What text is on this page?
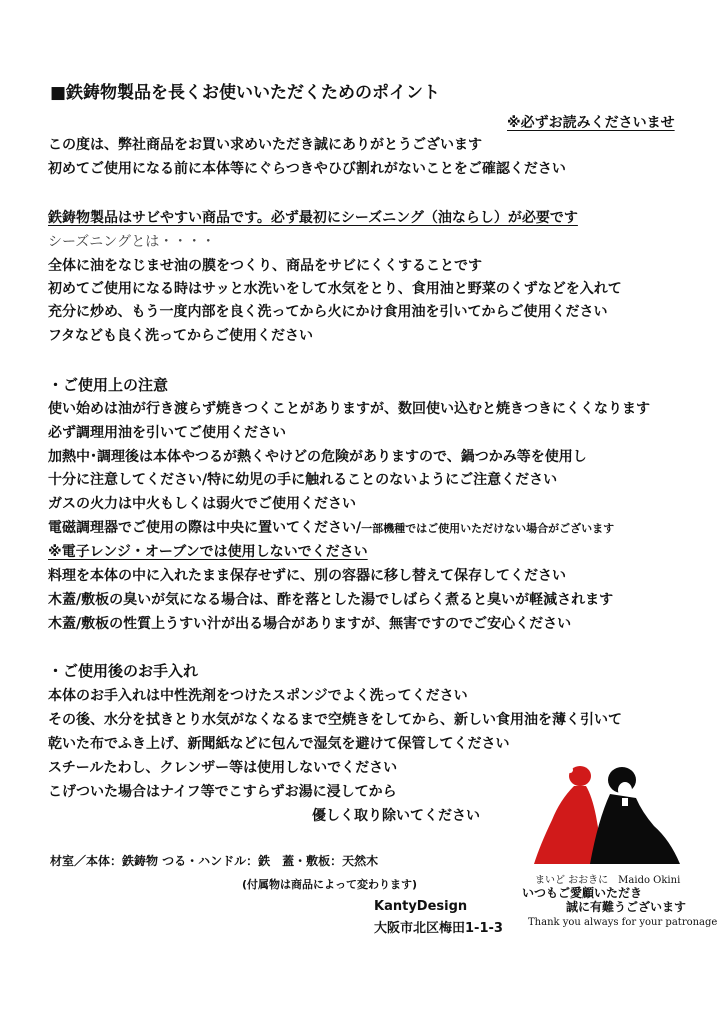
■鉄鋳物製品を長くお使いいただくためのポイント
※必ずお読みくださいませ
この度は、弊社商品をお買い求めいただき誠にありがとうございます
初めてご使用になる前に本体等にぐらつきやひび割れがないことをご確認ください
鉄鋳物製品はサビやすい商品です。必ず最初にシーズニング（油ならし）が必要です
シーズニングとは・・・・
全体に油をなじませ油の膜をつくり、商品をサビにくくすることです
初めてご使用になる時はサッと水洗いをして水気をとり、食用油と野菜のくずなどを入れて
充分に炒め、もう一度内部を良く洗ってから火にかけ食用油を引いてからご使用ください
フタなども良く洗ってからご使用ください
・ご使用上の注意
使い始めは油が行き渡らず焼きつくことがありますが、数回使い込むと焼きつきにくくなります
必ず調理用油を引いてご使用ください
加熱中･調理後は本体やつるが熱くやけどの危険がありますので、鍋つかみ等を使用し
十分に注意してください/特に幼児の手に触れることのないようにご注意ください
ガスの火力は中火もしくは弱火でご使用ください
電磁調理器でご使用の際は中央に置いてください/一部機種ではご使用いただけない場合がございます
※電子レンジ・オーブンでは使用しないでください
料理を本体の中に入れたまま保存せずに、別の容器に移し替えて保存してください
木蓋/敷板の臭いが気になる場合は、酢を落とした湯でしばらく煮ると臭いが軽減されます
木蓋/敷板の性質上うすい汁が出る場合がありますが、無害ですのでご安心ください
・ご使用後のお手入れ
本体のお手入れは中性洗剤をつけたスポンジでよく洗ってください
その後、水分を拭きとり水気がなくなるまで空焼きをしてから、新しい食用油を薄く引いて
乾いた布でふき上げ、新聞紙などに包んで湿気を避けて保管してください
スチールたわし、クレンザー等は使用しないでください
こげついた場合はナイフ等でこすらずお湯に浸してから
優しく取り除いてください
材室／本体：鉄鋳物 つる・ハンドル：鉄　蓋・敷板：天然木
(付属物は商品によって変わります)
KantyDesign
大阪市北区梅田1-1-3
まいど おおきに　Maido Okini
いつもご愛顧いただき
誠に有難うございます
Thank you always for your patronage
